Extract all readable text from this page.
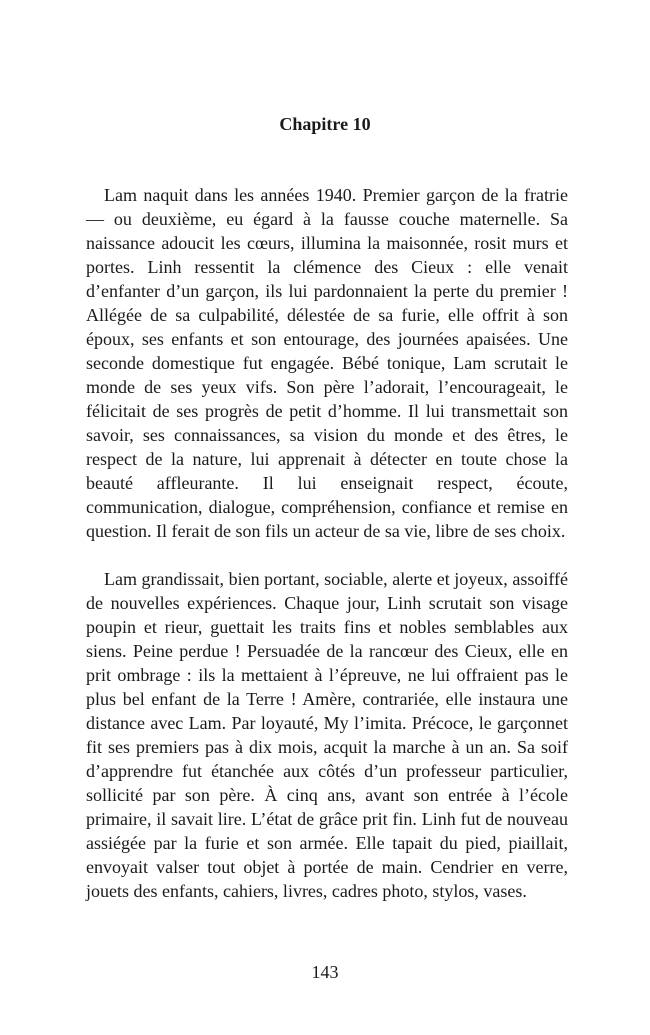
Chapitre 10

Lam naquit dans les années 1940. Premier garçon de la fratrie — ou deuxième, eu égard à la fausse couche maternelle. Sa naissance adoucit les cœurs, illumina la maisonnée, rosit murs et portes. Linh ressentit la clémence des Cieux : elle venait d’enfanter d’un garçon, ils lui pardonnaient la perte du premier ! Allégée de sa culpabilité, délestée de sa furie, elle offrit à son époux, ses enfants et son entourage, des journées apaisées. Une seconde domestique fut engagée. Bébé tonique, Lam scrutait le monde de ses yeux vifs. Son père l’adorait, l’encourageait, le félicitait de ses progrès de petit d’homme. Il lui transmettait son savoir, ses connaissances, sa vision du monde et des êtres, le respect de la nature, lui apprenait à détecter en toute chose la beauté affleurante. Il lui enseignait respect, écoute, communication, dialogue, compréhension, confiance et remise en question. Il ferait de son fils un acteur de sa vie, libre de ses choix.

Lam grandissait, bien portant, sociable, alerte et joyeux, assoiffé de nouvelles expériences. Chaque jour, Linh scrutait son visage poupin et rieur, guettait les traits fins et nobles semblables aux siens. Peine perdue ! Persuadée de la rancœur des Cieux, elle en prit ombrage : ils la mettaient à l’épreuve, ne lui offraient pas le plus bel enfant de la Terre ! Amère, contrariée, elle instaura une distance avec Lam. Par loyauté, My l’imita. Précoce, le garçonnet fit ses premiers pas à dix mois, acquit la marche à un an. Sa soif d’apprendre fut étanchée aux côtés d’un professeur particulier, sollicité par son père. À cinq ans, avant son entrée à l’école primaire, il savait lire. L’état de grâce prit fin. Linh fut de nouveau assiégée par la furie et son armée. Elle tapait du pied, piaillait, envoyait valser tout objet à portée de main. Cendrier en verre, jouets des enfants, cahiers, livres, cadres photo, stylos, vases.

143
